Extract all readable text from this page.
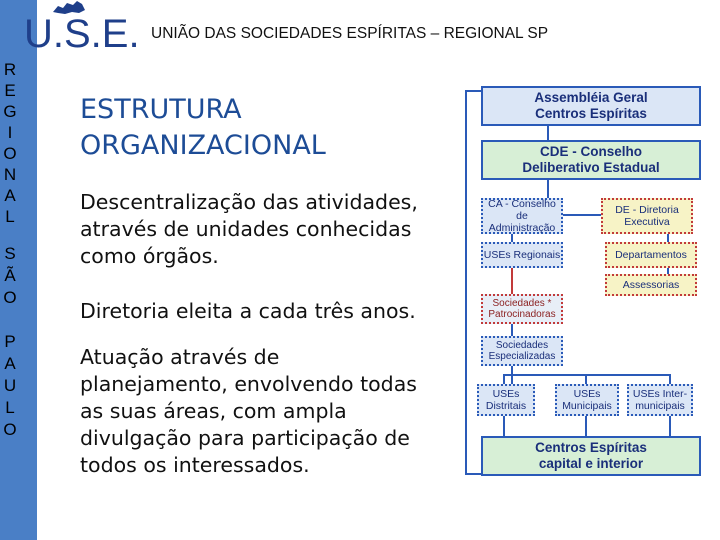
R
E
G
I
O
N
A
L
S
Ã
O
P
A
U
L
O
U.S.E. UNIÃO DAS SOCIEDADES ESPÍRITAS – REGIONAL SP
ESTRUTURA
ORGANIZACIONAL
Descentralização das atividades,
através de unidades conhecidas
como órgãos.
Diretoria eleita a cada três anos.
Atuação através de
planejamento, envolvendo todas
as suas áreas, com ampla
divulgação para participação de
todos os interessados.
Assembléia Geral
Centros Espíritas
CDE - Conselho
Deliberativo Estadual
CA - Conselho
de Administração
DE - Diretoria
Executiva
USEs Regionais	Departamentos
Assessorias
Sociedades *
Patrocinadoras
Sociedades
Especializadas
USEs
Distritais
USEs
Municipais
USEs Inter-
municipais
Centros Espíritas
capital e interior
